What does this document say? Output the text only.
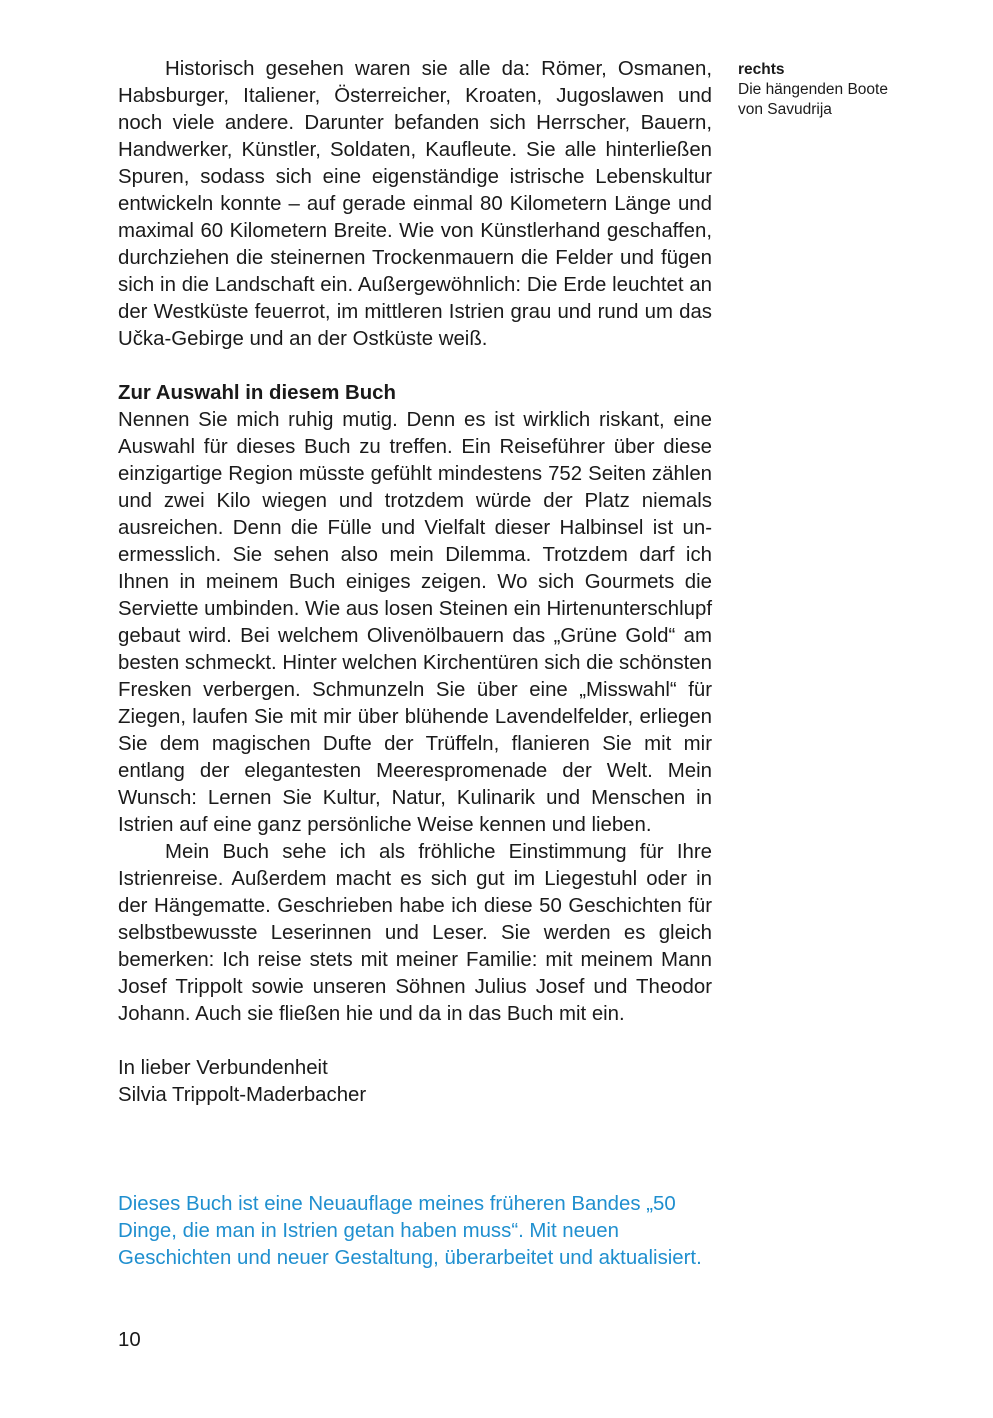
Historisch gesehen waren sie alle da: Römer, Osmanen, Habsburger, Italiener, Österreicher, Kroaten, Jugoslawen und noch viele andere. Darunter befanden sich Herrscher, Bauern, Handwerker, Künstler, Soldaten, Kaufleute. Sie alle hinterließen Spuren, sodass sich eine eigenständige istrische Lebenskultur entwickeln konnte – auf gerade einmal 80 Kilometern Länge und maximal 60 Kilometern Breite. Wie von Künstlerhand geschaffen, durchziehen die steinernen Trockenmauern die Felder und fügen sich in die Landschaft ein. Außergewöhnlich: Die Erde leuchtet an der Westküste feuerrot, im mittleren Istrien grau und rund um das Učka-Gebirge und an der Ostküste weiß.

Zur Auswahl in diesem Buch

Nennen Sie mich ruhig mutig. Denn es ist wirklich riskant, eine Auswahl für dieses Buch zu treffen. Ein Reiseführer über diese einzigartige Region müsste gefühlt mindestens 752 Seiten zählen und zwei Kilo wiegen und trotzdem würde der Platz niemals ausreichen. Denn die Fülle und Vielfalt dieser Halbinsel ist unermesslich. Sie sehen also mein Dilemma. Trotzdem darf ich Ihnen in meinem Buch einiges zeigen. Wo sich Gourmets die Serviette umbinden. Wie aus losen Steinen ein Hirtenunterschlupf gebaut wird. Bei welchem Olivenölbauern das „Grüne Gold“ am besten schmeckt. Hinter welchen Kirchentüren sich die schönsten Fresken verbergen. Schmunzeln Sie über eine „Misswahl“ für Ziegen, laufen Sie mit mir über blühende Lavendelfelder, erliegen Sie dem magischen Dufte der Trüffeln, flanieren Sie mit mir entlang der elegantesten Meerespromenade der Welt. Mein Wunsch: Lernen Sie Kultur, Natur, Kulinarik und Menschen in Istrien auf eine ganz persönliche Weise kennen und lieben.

Mein Buch sehe ich als fröhliche Einstimmung für Ihre Istrienreise. Außerdem macht es sich gut im Liegestuhl oder in der Hängematte. Geschrieben habe ich diese 50 Geschichten für selbstbewusste Leserinnen und Leser. Sie werden es gleich bemerken: Ich reise stets mit meiner Familie: mit meinem Mann Josef Trippolt sowie unseren Söhnen Julius Josef und Theodor Johann. Auch sie fließen hie und da in das Buch mit ein.

In lieber Verbundenheit

Silvia Trippolt-Maderbacher

Dieses Buch ist eine Neuauflage meines früheren Bandes „50 Dinge, die man in Istrien getan haben muss“. Mit neuen Geschichten und neuer Gestaltung, überarbeitet und aktualisiert.

10
rechts
Die hängenden Boote von Savudrija
